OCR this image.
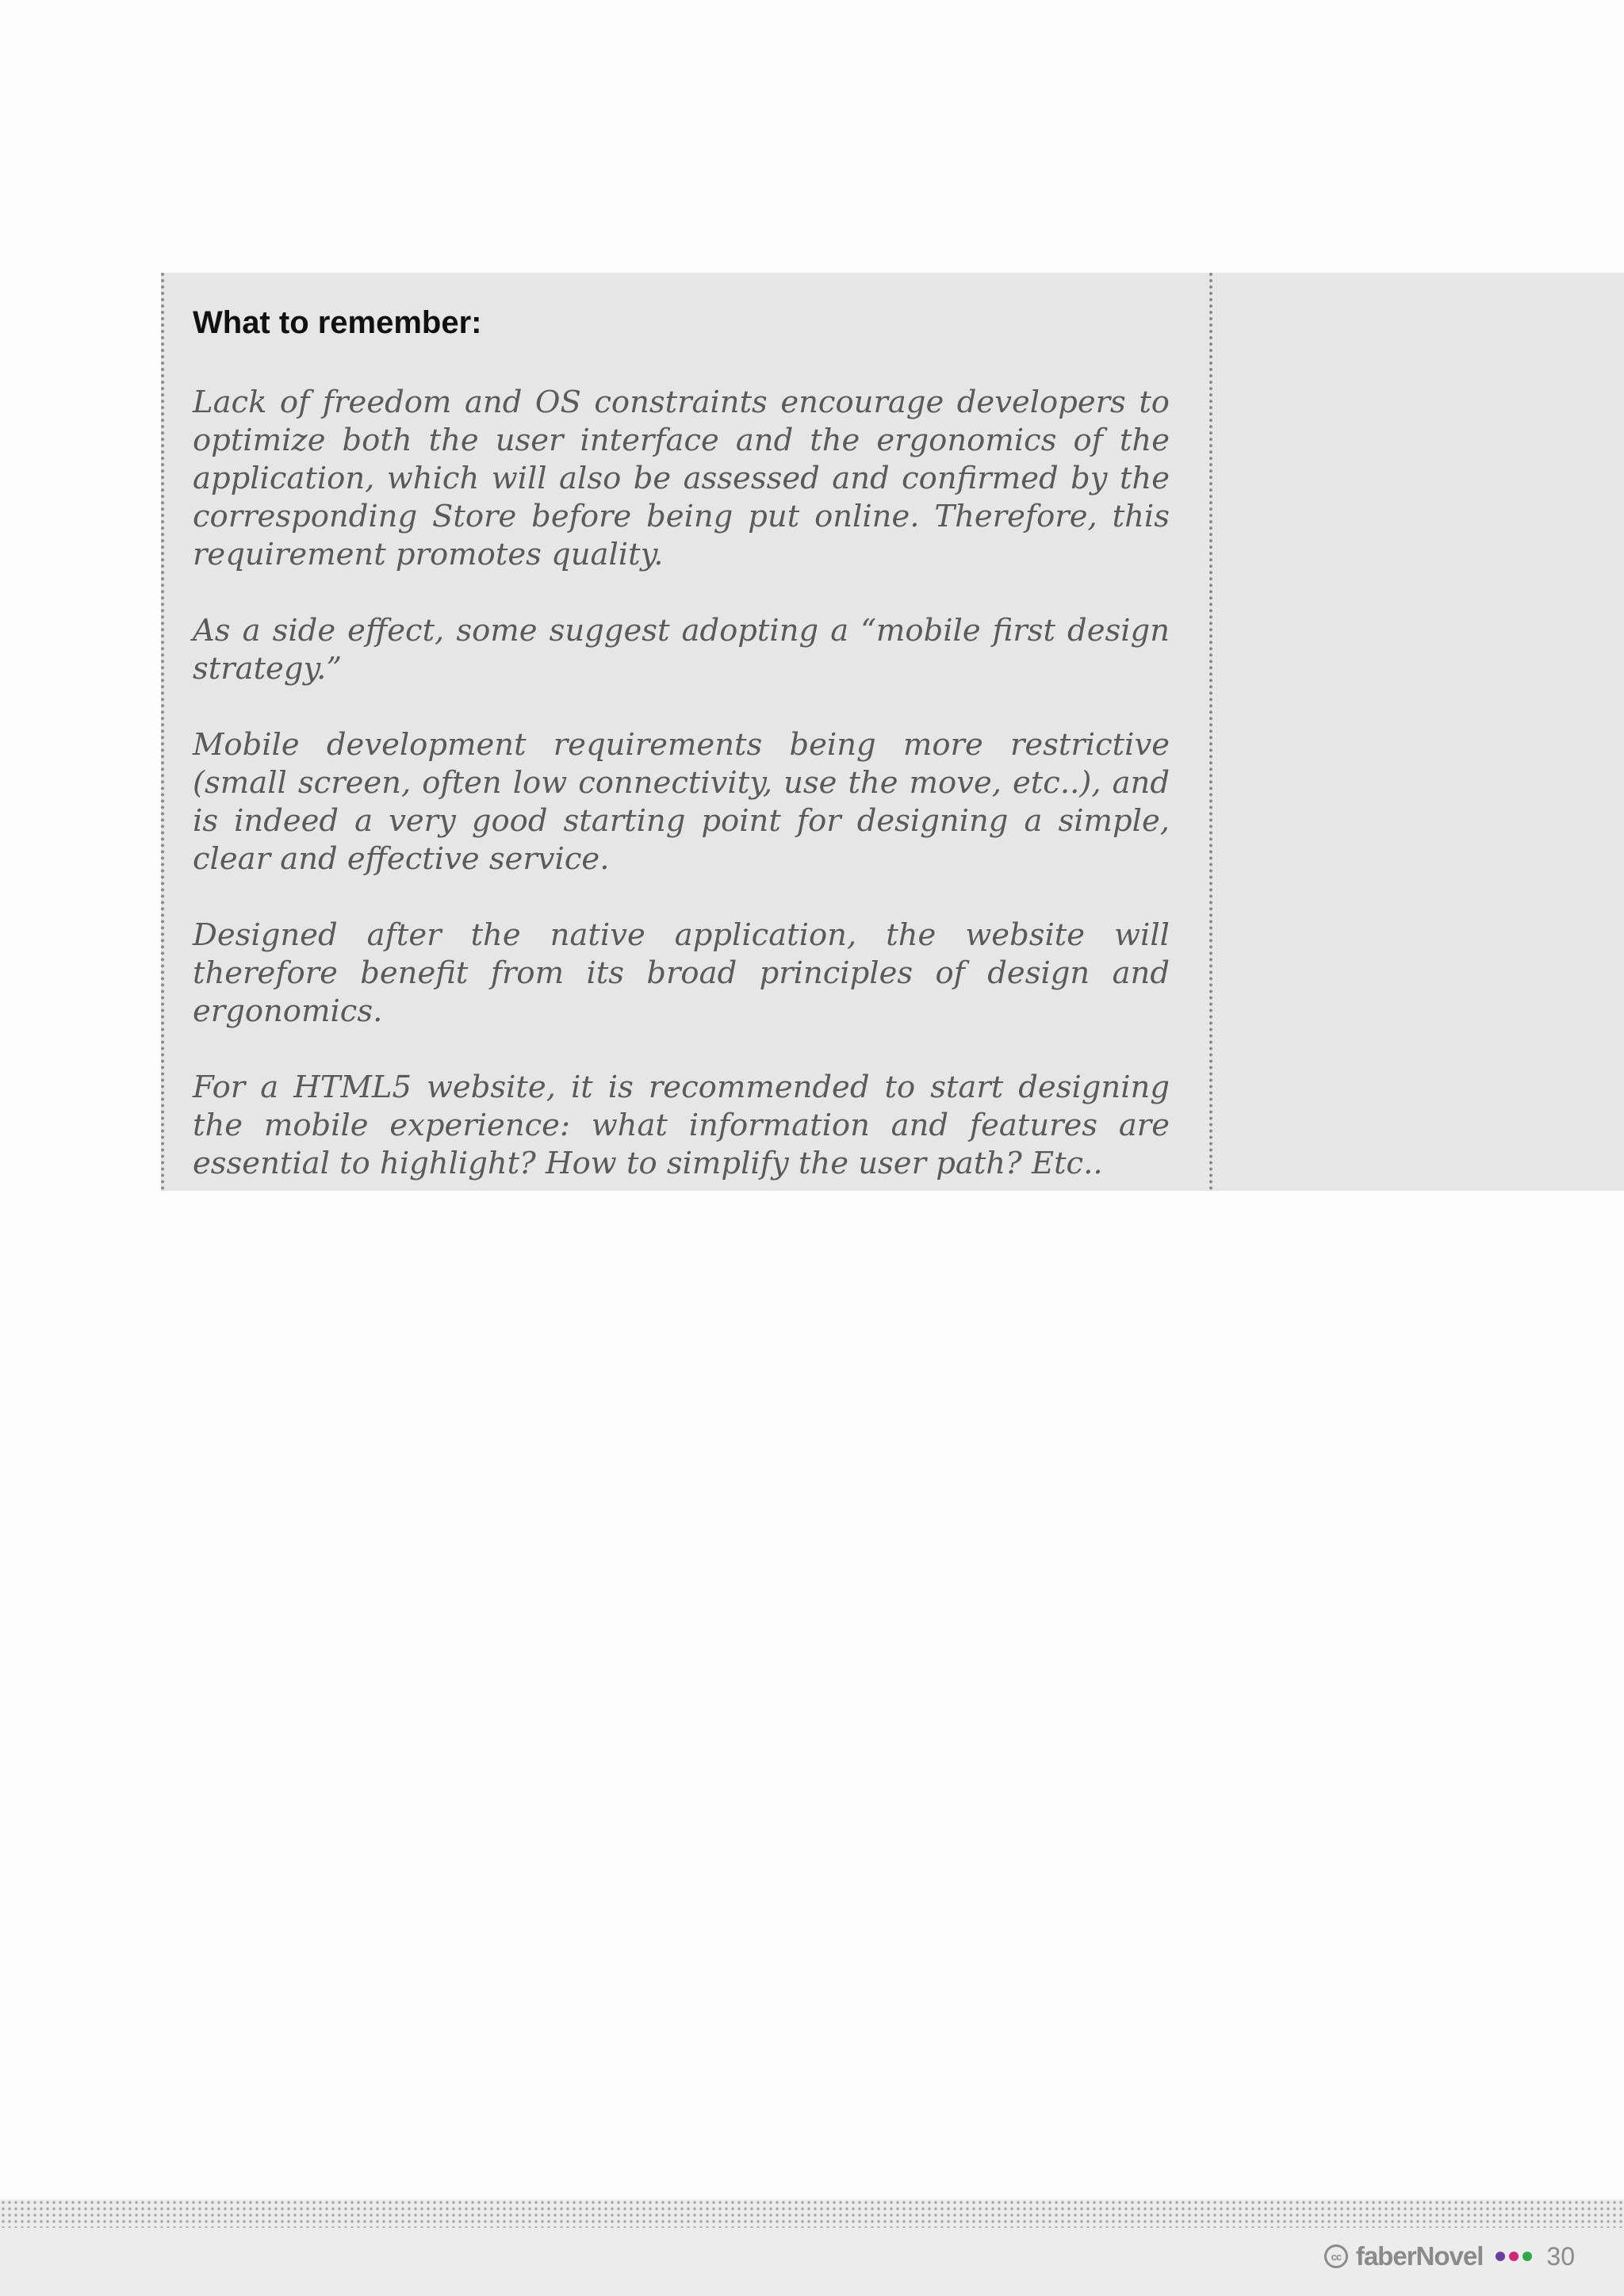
What to remember:

Lack of freedom and OS constraints encourage developers to optimize both the user interface and the ergonomics of the application, which will also be assessed and confirmed by the corresponding Store before being put online. Therefore, this requirement promotes quality.

As a side effect, some suggest adopting a “mobile first design strategy.”

Mobile development requirements being more restrictive (small screen, often low connectivity, use the move, etc..), and is indeed a very good starting point for designing a simple, clear and effective service.

Designed after the native application, the website will therefore benefit from its broad principles of design and ergonomics.

For a HTML5 website, it is recommended to start designing the mobile experience: what information and features are essential to highlight? How to simplify the user path? Etc..

cc faberNovel	30
